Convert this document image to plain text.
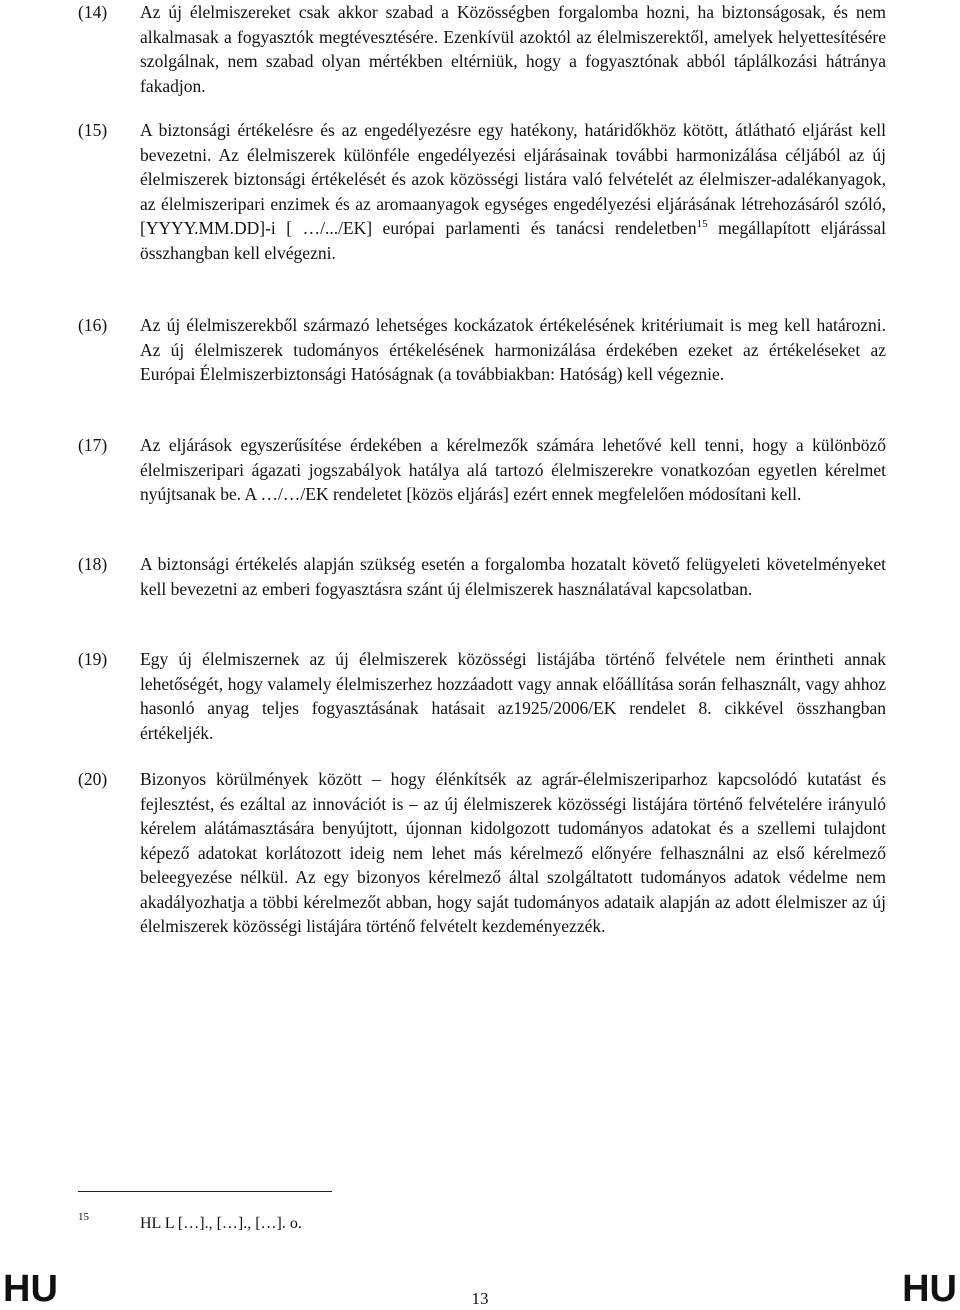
(14) Az új élelmiszereket csak akkor szabad a Közösségben forgalomba hozni, ha biztonságosak, és nem alkalmasak a fogyasztók megtévesztésére. Ezenkívül azoktól az élelmiszerektől, amelyek helyettesítésére szolgálnak, nem szabad olyan mértékben eltérniük, hogy a fogyasztónak abból táplálkozási hátránya fakadjon.
(15) A biztonsági értékelésre és az engedélyezésre egy hatékony, határidőkhöz kötött, átlátható eljárást kell bevezetni. Az élelmiszerek különféle engedélyezési eljárásainak további harmonizálása céljából az új élelmiszerek biztonsági értékelését és azok közösségi listára való felvételét az élelmiszer-adalékanyagok, az élelmiszeripari enzimek és az aromaanyagok egységes engedélyezési eljárásának létrehozásáról szóló, [YYYY.MM.DD]-i [ …/.../EK] európai parlamenti és tanácsi rendeletben$^{15}$ megállapított eljárással összhangban kell elvégezni.
(16) Az új élelmiszerekből származó lehetséges kockázatok értékelésének kritériumait is meg kell határozni. Az új élelmiszerek tudományos értékelésének harmonizálása érdekében ezeket az értékeléseket az Európai Élelmiszerbiztonsági Hatóságnak (a továbbiakban: Hatóság) kell végeznie.
(17) Az eljárások egyszerűsítése érdekében a kérelmezők számára lehetővé kell tenni, hogy a különböző élelmiszeripari ágazati jogszabályok hatálya alá tartozó élelmiszerekre vonatkozóan egyetlen kérelmet nyújtsanak be. A …/…/EK rendeletet [közös eljárás] ezért ennek megfelelően módosítani kell.
(18) A biztonsági értékelés alapján szükség esetén a forgalomba hozatalt követő felügyeleti követelményeket kell bevezetni az emberi fogyasztásra szánt új élelmiszerek használatával kapcsolatban.
(19) Egy új élelmiszernek az új élelmiszerek közösségi listájába történő felvétele nem érintheti annak lehetőségét, hogy valamely élelmiszerhez hozzáadott vagy annak előállítása során felhasznált, vagy ahhoz hasonló anyag teljes fogyasztásának hatásait az1925/2006/EK rendelet 8. cikkével összhangban értékeljék.
(20) Bizonyos körülmények között – hogy élénkítsék az agrár-élelmiszeriparhoz kapcsolódó kutatást és fejlesztést, és ezáltal az innovációt is – az új élelmiszerek közösségi listájára történő felvételére irányuló kérelem alátámasztására benyújtott, újonnan kidolgozott tudományos adatokat és a szellemi tulajdont képező adatokat korlátozott ideig nem lehet más kérelmező előnyére felhasználni az első kérelmező beleegyezése nélkül. Az egy bizonyos kérelmező által szolgáltatott tudományos adatok védelme nem akadályozhatja a többi kérelmezőt abban, hogy saját tudományos adataik alapján az adott élelmiszer az új élelmiszerek közösségi listájára történő felvételt kezdeményezzék.
15	HL L […]., […]., […]. o.
HU	13	HU
